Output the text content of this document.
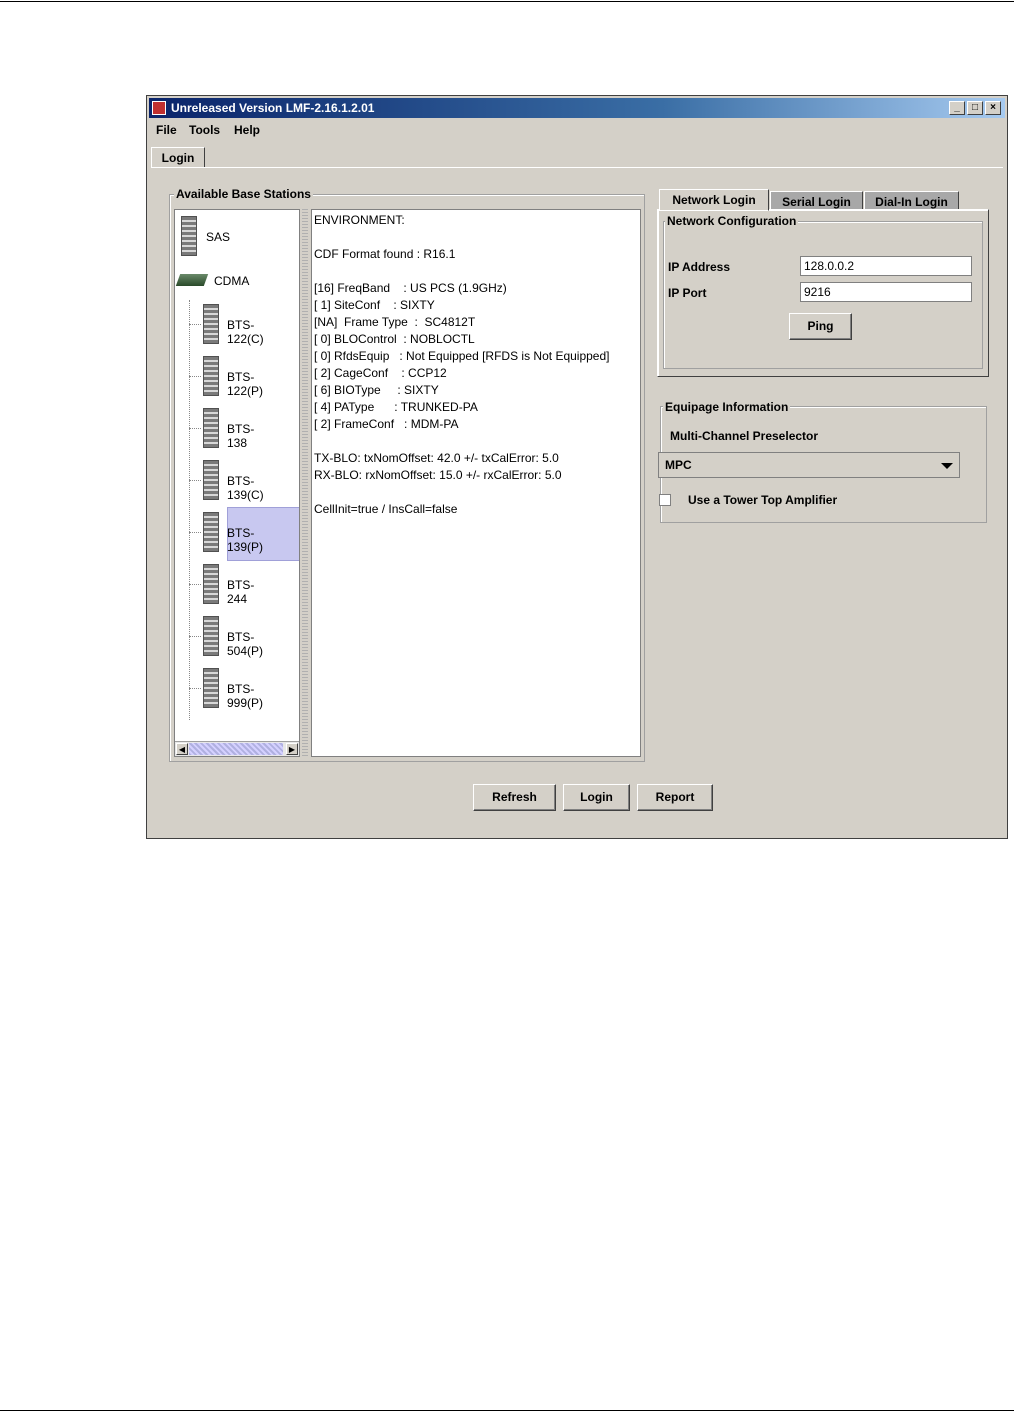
Unreleased Version LMF-2.16.1.2.01	_	□	×
File Tools Help
Login
Available Base Stations
SAS
CDMA
BTS-122(C)
BTS-122(P)
BTS-138
BTS-139(C)
BTS-139(P)
BTS-244
BTS-504(P)
BTS-999(P)
◀	▶
ENVIRONMENT:
CDF Format found : R16.1
[16] FreqBand    : US PCS (1.9GHz)
[ 1] SiteConf    : SIXTY
[NA]  Frame Type  :  SC4812T
[ 0] BLOControl  : NOBLOCTL
[ 0] RfdsEquip   : Not Equipped [RFDS is Not Equipped]
[ 2] CageConf    : CCP12
[ 6] BIOType     : SIXTY
[ 4] PAType      : TRUNKED-PA
[ 2] FrameConf   : MDM-PA
TX-BLO: txNomOffset: 42.0 +/- txCalError: 5.0
RX-BLO: rxNomOffset: 15.0 +/- rxCalError: 5.0
CellInit=true / InsCall=false
Network Login	Serial Login	Dial-In Login
Network Configuration
IP Address
128.0.0.2
IP Port
9216
Ping
Equipage Information
Multi-Channel Preselector
MPC
Use a Tower Top Amplifier
Refresh	Login	Report
